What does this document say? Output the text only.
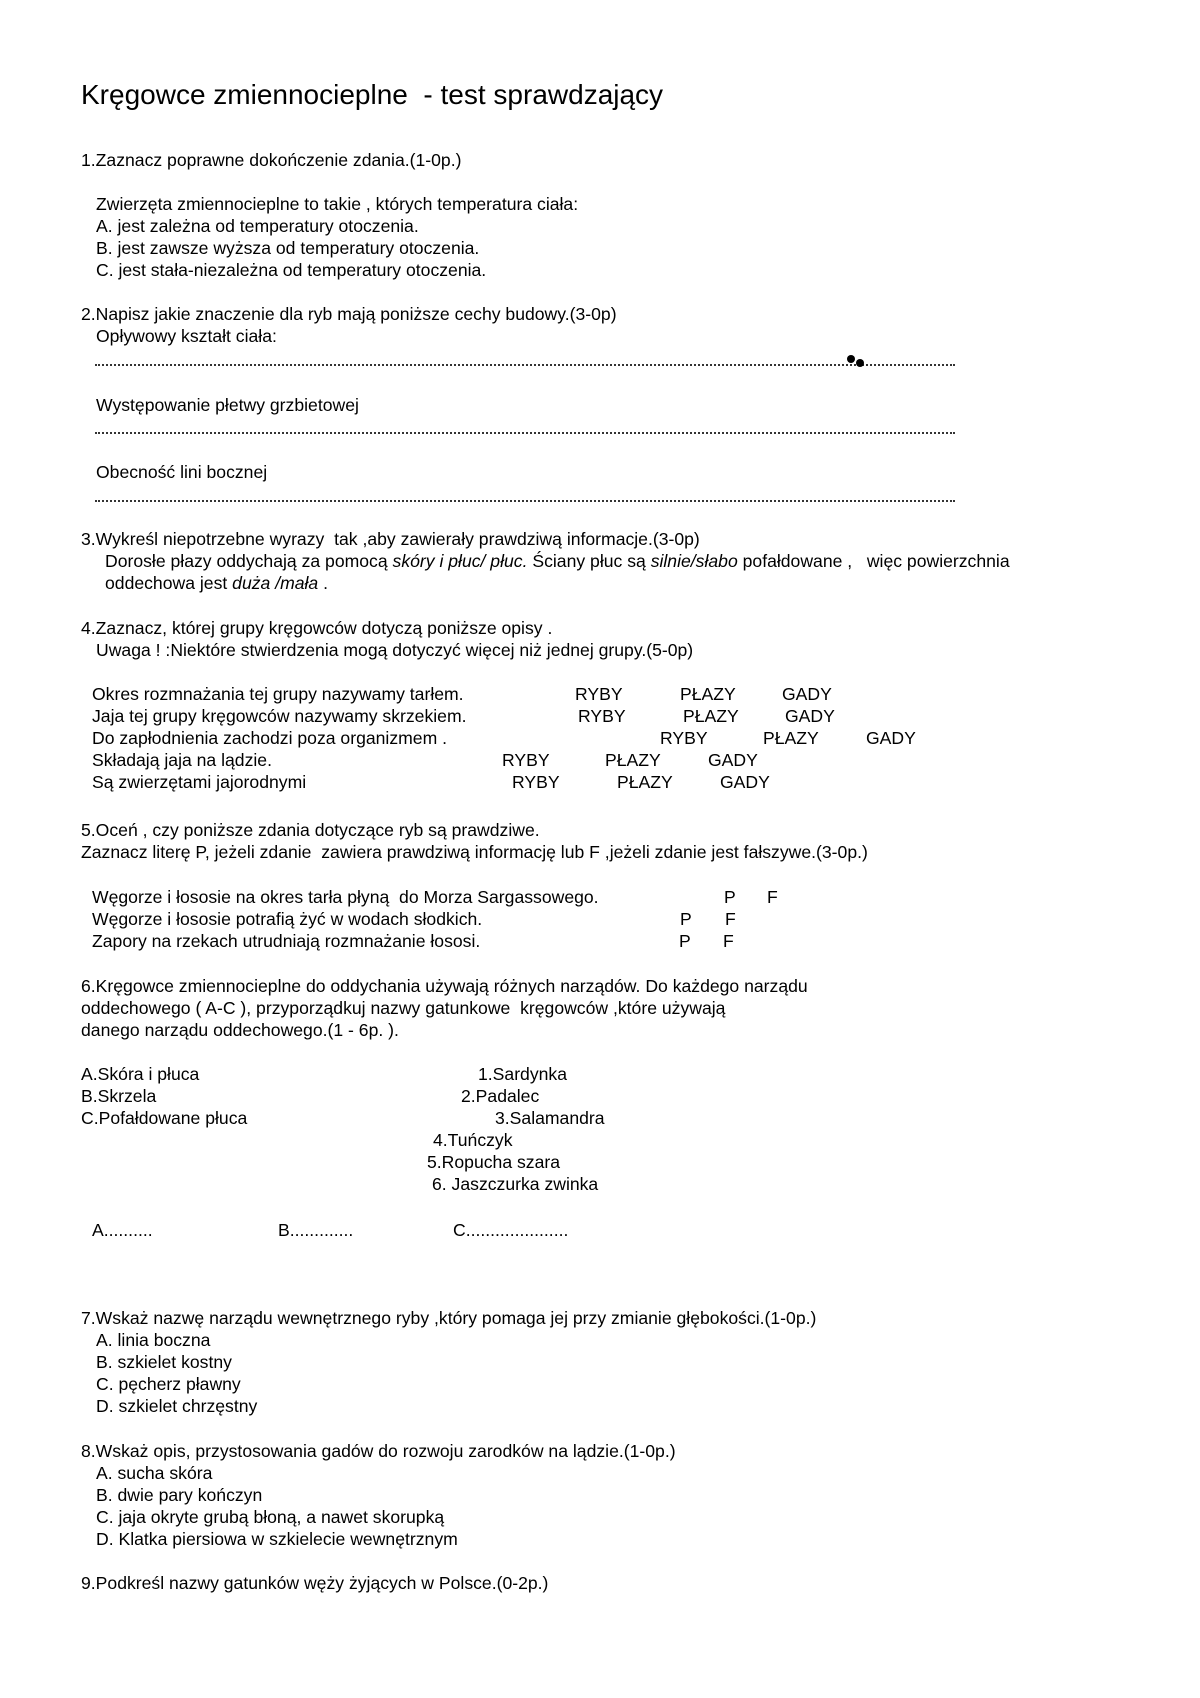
Kręgowce zmiennocieplne  - test sprawdzający
1.Zaznacz poprawne dokończenie zdania.(1-0p.)
Zwierzęta zmiennocieplne to takie , których temperatura ciała:
A. jest zależna od temperatury otoczenia.
B. jest zawsze wyższa od temperatury otoczenia.
C. jest stała-niezależna od temperatury otoczenia.
2.Napisz jakie znaczenie dla ryb mają poniższe cechy budowy.(3-0p)
Opływowy kształt ciała:
Występowanie płetwy grzbietowej
Obecność lini bocznej
3.Wykreśl niepotrzebne wyrazy  tak ,aby zawierały prawdziwą informacje.(3-0p)
Dorosłe płazy oddychają za pomocą skóry i płuc/ płuc. Ściany płuc są silnie/słabo pofałdowane ,   więc powierzchnia
oddechowa jest duża /mała .
4.Zaznacz, której grupy kręgowców dotyczą poniższe opisy .
Uwaga ! :Niektóre stwierdzenia mogą dotyczyć więcej niż jednej grupy.(5-0p)
Okres rozmnażania tej grupy nazywamy tarłem.	RYBY	PŁAZY	GADY
Jaja tej grupy kręgowców nazywamy skrzekiem.	RYBY	PŁAZY	GADY
Do zapłodnienia zachodzi poza organizmem .	RYBY	PŁAZY	GADY
Składają jaja na lądzie.	RYBY	PŁAZY	GADY
Są zwierzętami jajorodnymi	RYBY	PŁAZY	GADY
5.Oceń , czy poniższe zdania dotyczące ryb są prawdziwe.
Zaznacz literę P, jeżeli zdanie  zawiera prawdziwą informację lub F ,jeżeli zdanie jest fałszywe.(3-0p.)
Węgorze i łososie na okres tarła płyną  do Morza Sargassowego.	P F
Węgorze i łososie potrafią żyć w wodach słodkich.	P F
Zapory na rzekach utrudniają rozmnażanie łososi.	P F
6.Kręgowce zmiennocieplne do oddychania używają różnych narządów. Do każdego narządu
oddechowego ( A-C ), przyporządkuj nazwy gatunkowe  kręgowców ,które używają
danego narządu oddechowego.(1 - 6p. ).
A.Skóra i płuca
B.Skrzela
C.Pofałdowane płuca
1.Sardynka
2.Padalec
3.Salamandra
4.Tuńczyk
5.Ropucha szara
6. Jaszczurka zwinka
A..........	B.............	C.....................
7.Wskaż nazwę narządu wewnętrznego ryby ,który pomaga jej przy zmianie głębokości.(1-0p.)
A. linia boczna
B. szkielet kostny
C. pęcherz pławny
D. szkielet chrzęstny
8.Wskaż opis, przystosowania gadów do rozwoju zarodków na lądzie.(1-0p.)
A. sucha skóra
B. dwie pary kończyn
C. jaja okryte grubą błoną, a nawet skorupką
D. Klatka piersiowa w szkielecie wewnętrznym
9.Podkreśl nazwy gatunków węży żyjących w Polsce.(0-2p.)
